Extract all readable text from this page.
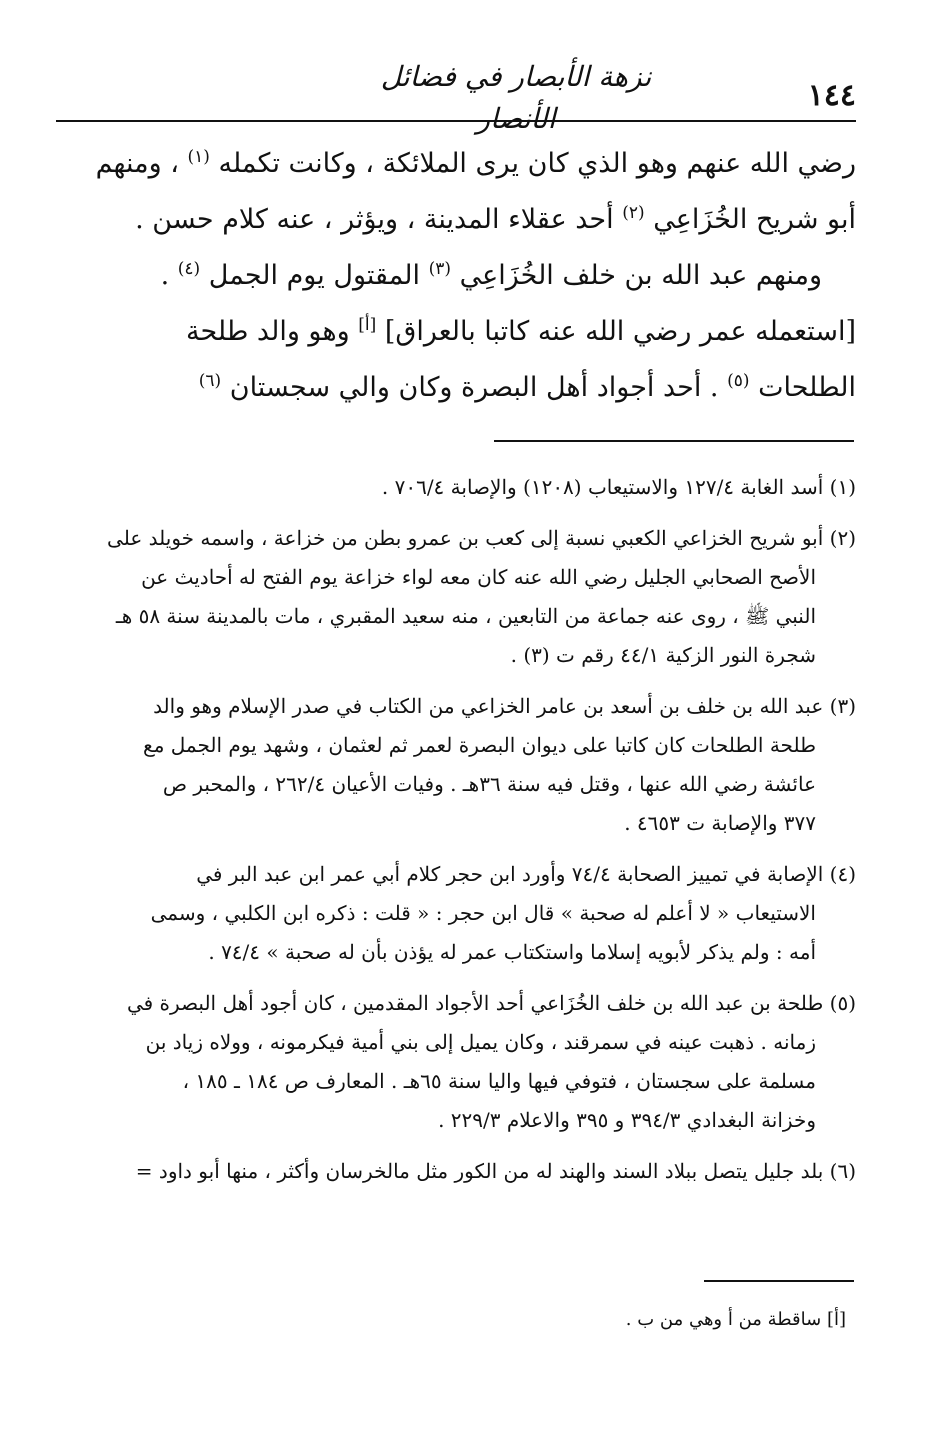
١٤٤
نزهة الأبصار في فضائل الأنصار
رضي الله عنهم وهو الذي كان يرى الملائكة ، وكانت تكمله $^{(١)}$ ، ومنهم
أبو شريح الخُزَاعِي $^{(٢)}$ أحد عقلاء المدينة ، ويؤثر ، عنه كلام حسن .
ومنهم عبد الله بن خلف الخُزَاعِي $^{(٣)}$ المقتول يوم الجمل $^{(٤)}$ .
[استعمله عمر رضي الله عنه كاتبا بالعراق] [أ] وهو والد طلحة
الطلحات $^{(٥)}$ . أحد أجواد أهل البصرة وكان والي سجستان $^{(٦)}$
(١) أسد الغابة ١٢٧/٤ والاستيعاب (١٢٠٨) والإصابة ٧٠٦/٤ .
(٢) أبو شريح الخزاعي الكعبي نسبة إلى كعب بن عمرو بطن من خزاعة ، واسمه خويلد على
الأصح الصحابي الجليل رضي الله عنه كان معه لواء خزاعة يوم الفتح له أحاديث عن
النبي ﷺ ، روى عنه جماعة من التابعين ، منه سعيد المقبري ، مات بالمدينة سنة ٥٨ هـ
شجرة النور الزكية ٤٤/١ رقم ت (٣) .
(٣) عبد الله بن خلف بن أسعد بن عامر الخزاعي من الكتاب في صدر الإسلام وهو والد
طلحة الطلحات كان كاتبا على ديوان البصرة لعمر ثم لعثمان ، وشهد يوم الجمل مع
عائشة رضي الله عنها ، وقتل فيه سنة ٣٦هـ . وفيات الأعيان ٢٦٢/٤ ، والمحبر ص
٣٧٧ والإصابة ت ٤٦٥٣ .
(٤) الإصابة في تمييز الصحابة ٧٤/٤ وأورد ابن حجر كلام أبي عمر ابن عبد البر في
الاستيعاب « لا أعلم له صحبة » قال ابن حجر : « قلت : ذكره ابن الكلبي ، وسمى
أمه : ولم يذكر لأبويه إسلاما واستكتاب عمر له يؤذن بأن له صحبة » ٧٤/٤ .
(٥) طلحة بن عبد الله بن خلف الخُزَاعي أحد الأجواد المقدمين ، كان أجود أهل البصرة في
زمانه . ذهبت عينه في سمرقند ، وكان يميل إلى بني أمية فيكرمونه ، وولاه زياد بن
مسلمة على سجستان ، فتوفي فيها واليا سنة ٦٥هـ . المعارف ص ١٨٤ ـ ١٨٥ ،
وخزانة البغدادي ٣٩٤/٣ و ٣٩٥ والاعلام ٢٢٩/٣ .
(٦) بلد جليل يتصل ببلاد السند والهند له من الكور مثل مالخرسان وأكثر ، منها أبو داود =
[أ] ساقطة من أ وهي من ب .
